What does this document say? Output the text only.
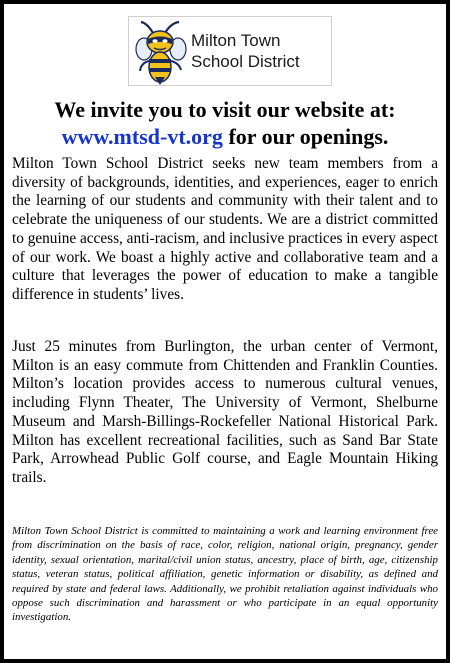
Milton Town
School District
We invite you to visit our website at:
www.mtsd-vt.org for our openings.

Milton Town School District seeks new team members from a diversity of backgrounds, identities, and experiences, eager to enrich the learning of our students and community with their talent and to celebrate the uniqueness of our students. We are a district committed to genuine access, anti-racism, and inclusive practices in every aspect of our work. We boast a highly active and collaborative team and a culture that leverages the power of education to make a tangible difference in students’ lives.

Just 25 minutes from Burlington, the urban center of Vermont, Milton is an easy commute from Chittenden and Franklin Counties. Milton’s location provides access to numerous cultural venues, including Flynn Theater, The University of Vermont, Shelburne Museum and Marsh-Billings-Rockefeller National Historical Park. Milton has excellent recreational facilities, such as Sand Bar State Park, Arrowhead Public Golf course, and Eagle Mountain Hiking trails.

Milton Town School District is committed to maintaining a work and learning environment free from discrimination on the basis of race, color, religion, national origin, pregnancy, gender identity, sexual orientation, marital/civil union status, ancestry, place of birth, age, citizenship status, veteran status, political affiliation, genetic information or disability, as defined and required by state and federal laws. Additionally, we prohibit retaliation against individuals who oppose such discrimination and harassment or who participate in an equal opportunity investigation.
